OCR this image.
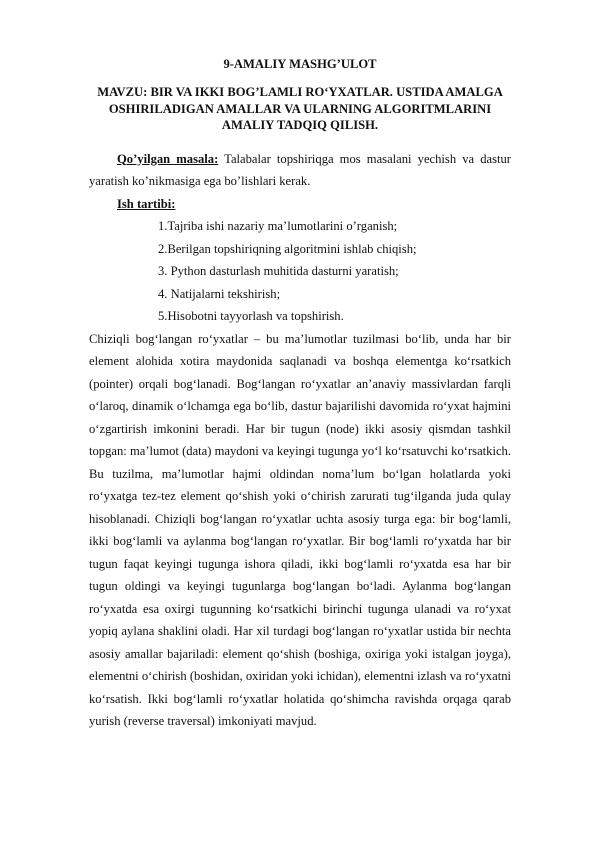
9-AMALIY MASHG’ULOT

MAVZU: BIR VA IKKI BOG’LAMLI RO‘YXATLAR. USTIDA AMALGA OSHIRILADIGAN AMALLAR VA ULARNING ALGORITMLARINI AMALIY TADQIQ QILISH.

Qo’yilgan masala: Talabalar topshiriqga mos masalani yechish va dastur yaratish ko’nikmasiga ega bo’lishlari kerak.

Ish tartibi:

1.Tajriba ishi nazariy ma’lumotlarini o’rganish;
2.Berilgan topshiriqning algoritmini ishlab chiqish;
3. Python dasturlash muhitida dasturni yaratish;
4. Natijalarni tekshirish;
5.Hisobotni tayyorlash va topshirish.

Chiziqli bog‘langan ro‘yxatlar – bu ma’lumotlar tuzilmasi bo‘lib, unda har bir element alohida xotira maydonida saqlanadi va boshqa elementga ko‘rsatkich (pointer) orqali bog‘lanadi. Bog‘langan ro‘yxatlar an’anaviy massivlardan farqli o‘laroq, dinamik o‘lchamga ega bo‘lib, dastur bajarilishi davomida ro‘yxat hajmini o‘zgartirish imkonini beradi. Har bir tugun (node) ikki asosiy qismdan tashkil topgan: ma’lumot (data) maydoni va keyingi tugunga yo‘l ko‘rsatuvchi ko‘rsatkich. Bu tuzilma, ma’lumotlar hajmi oldindan noma’lum bo‘lgan holatlarda yoki ro‘yxatga tez-tez element qo‘shish yoki o‘chirish zarurati tug‘ilganda juda qulay hisoblanadi. Chiziqli bog‘langan ro‘yxatlar uchta asosiy turga ega: bir bog‘lamli, ikki bog‘lamli va aylanma bog‘langan ro‘yxatlar. Bir bog‘lamli ro‘yxatda har bir tugun faqat keyingi tugunga ishora qiladi, ikki bog‘lamli ro‘yxatda esa har bir tugun oldingi va keyingi tugunlarga bog‘langan bo‘ladi. Aylanma bog‘langan ro‘yxatda esa oxirgi tugunning ko‘rsatkichi birinchi tugunga ulanadi va ro‘yxat yopiq aylana shaklini oladi. Har xil turdagi bog‘langan ro‘yxatlar ustida bir nechta asosiy amallar bajariladi: element qo‘shish (boshiga, oxiriga yoki istalgan joyga), elementni o‘chirish (boshidan, oxiridan yoki ichidan), elementni izlash va ro‘yxatni ko‘rsatish. Ikki bog‘lamli ro‘yxatlar holatida qo‘shimcha ravishda orqaga qarab yurish (reverse traversal) imkoniyati mavjud.
